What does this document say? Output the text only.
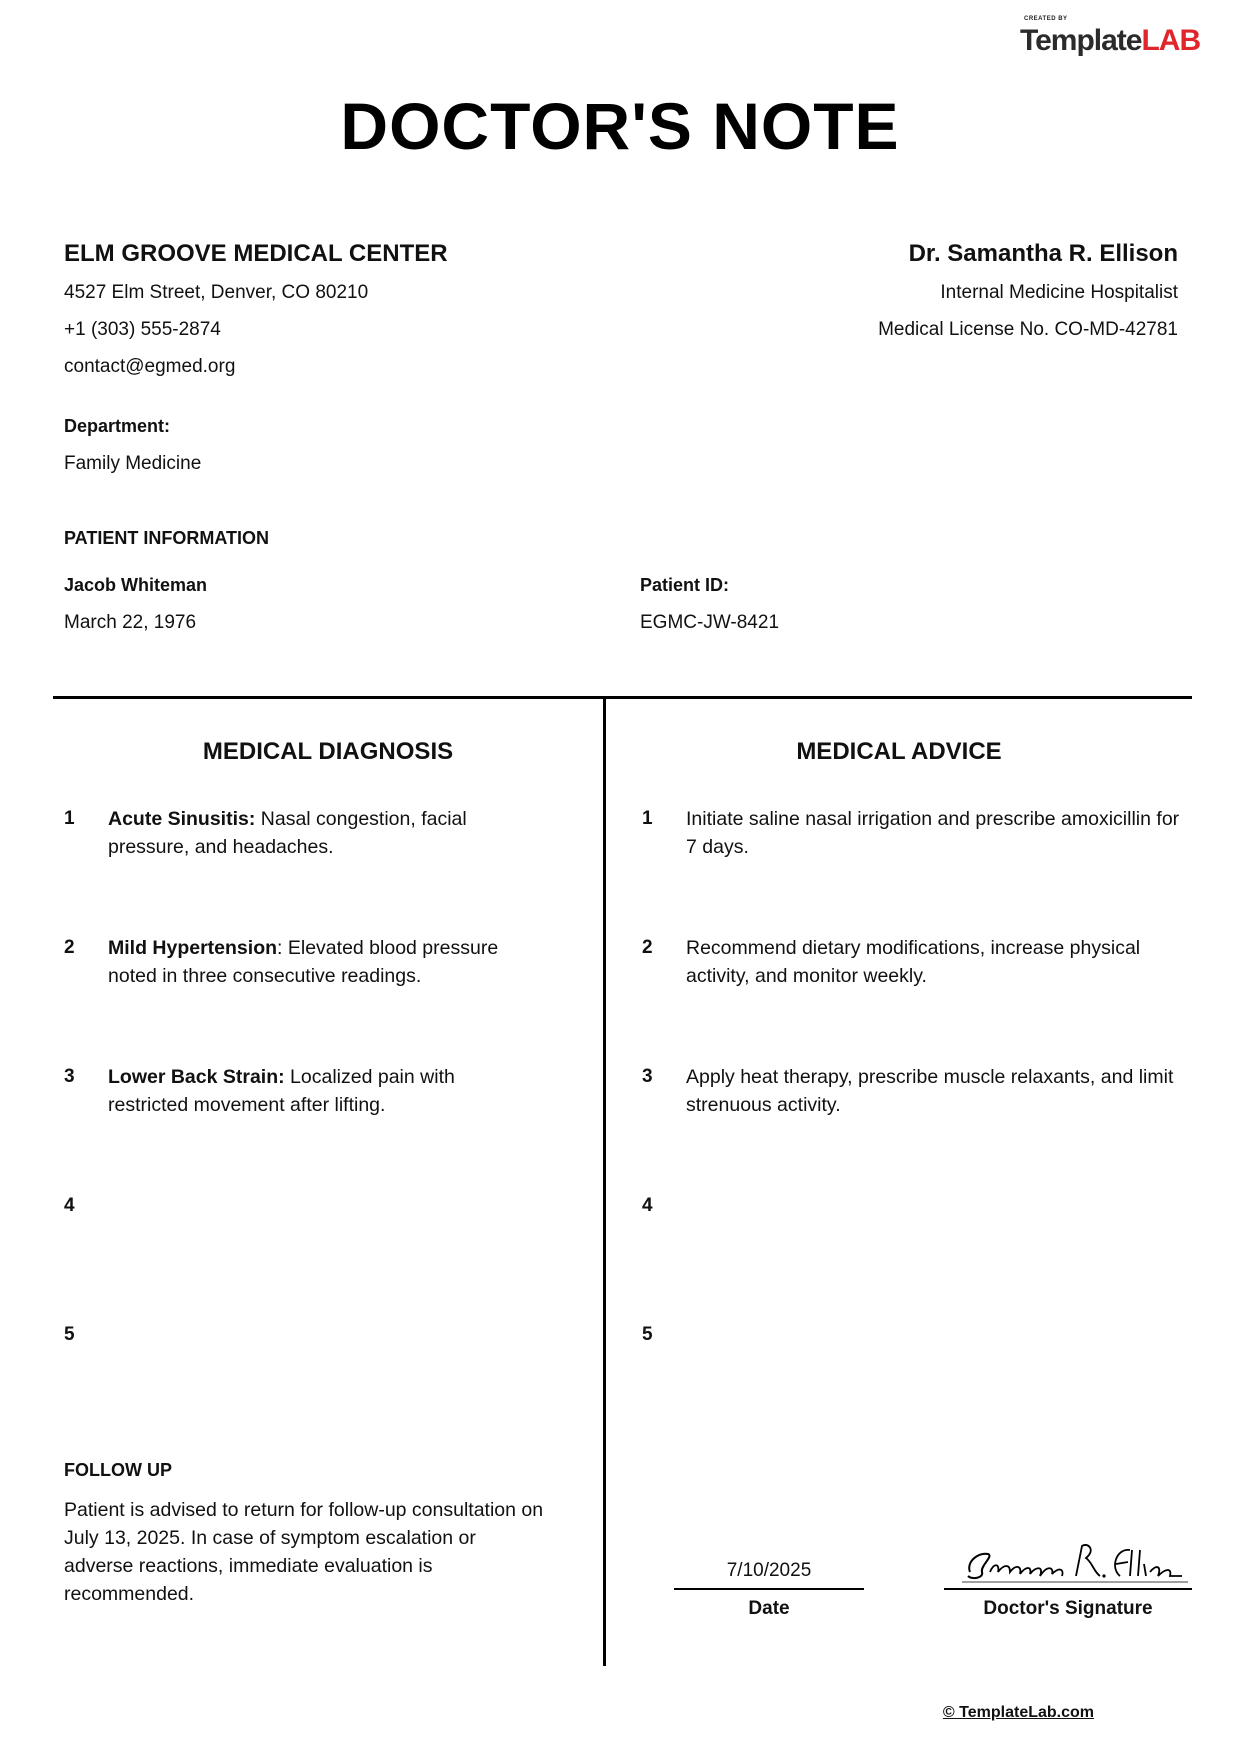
CREATED BY
TemplateLAB
DOCTOR'S NOTE
ELM GROOVE MEDICAL CENTER
4527 Elm Street, Denver, CO 80210
+1 (303) 555-2874
contact@egmed.org
Dr. Samantha R. Ellison
Internal Medicine Hospitalist
Medical License No. CO-MD-42781
Department:
Family Medicine
PATIENT INFORMATION
Jacob Whiteman
March 22, 1976
Patient ID:
EGMC-JW-8421
MEDICAL DIAGNOSIS	MEDICAL ADVICE
1 Acute Sinusitis: Nasal congestion, facial pressure, and headaches.
2 Mild Hypertension: Elevated blood pressure noted in three consecutive readings.
3 Lower Back Strain: Localized pain with restricted movement after lifting.
4
5
1 Initiate saline nasal irrigation and prescribe amoxicillin for 7 days.
2 Recommend dietary modifications, increase physical activity, and monitor weekly.
3 Apply heat therapy, prescribe muscle relaxants, and limit strenuous activity.
4
5
FOLLOW UP
Patient is advised to return for follow-up consultation on July 13, 2025. In case of symptom escalation or adverse reactions, immediate evaluation is recommended.
7/10/2025
Date	Doctor's Signature
© TemplateLab.com
